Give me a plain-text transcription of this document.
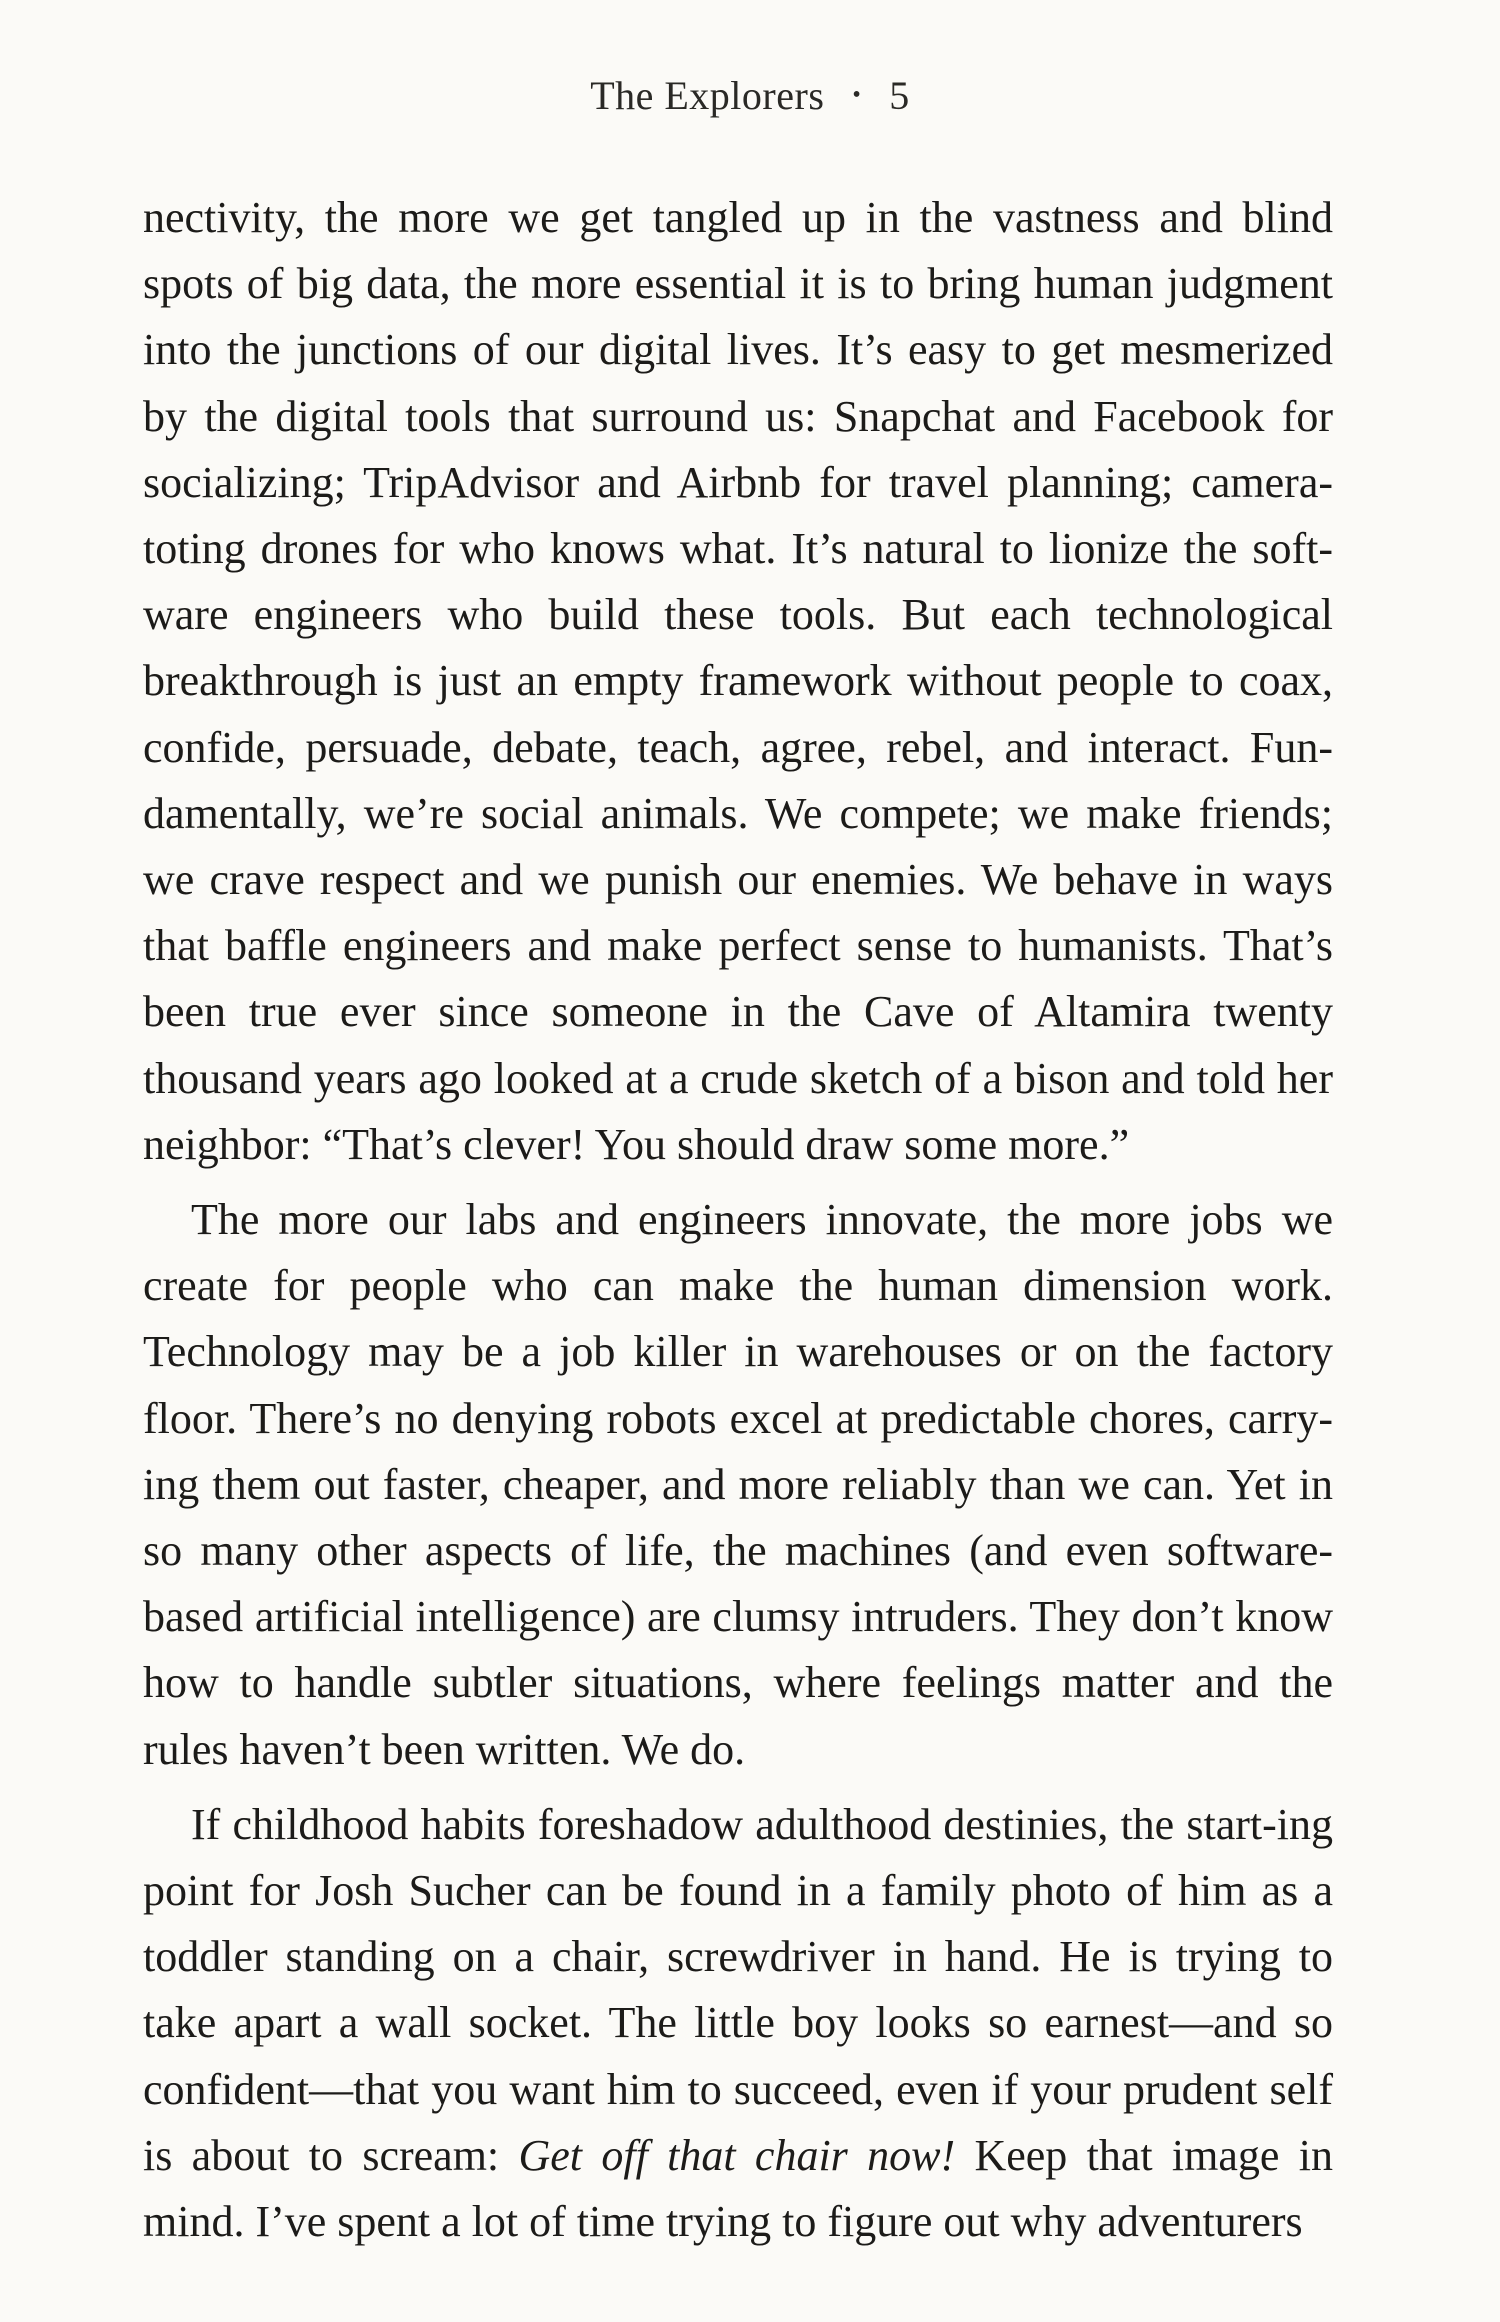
The Explorers • 5

nectivity, the more we get tangled up in the vastness and blind spots of big data, the more essential it is to bring human judgment into the junctions of our digital lives. It’s easy to get mesmerized by the digital tools that surround us: Snapchat and Facebook for socializing; TripAdvisor and Airbnb for travel planning; camera-toting drones for who knows what. It’s natural to lionize the soft-ware engineers who build these tools. But each technological breakthrough is just an empty framework without people to coax, confide, persuade, debate, teach, agree, rebel, and interact. Fun-damentally, we’re social animals. We compete; we make friends; we crave respect and we punish our enemies. We behave in ways that baffle engineers and make perfect sense to humanists. That’s been true ever since someone in the Cave of Altamira twenty thousand years ago looked at a crude sketch of a bison and told her neighbor: “That’s clever! You should draw some more.”

The more our labs and engineers innovate, the more jobs we create for people who can make the human dimension work. Technology may be a job killer in warehouses or on the factory floor. There’s no denying robots excel at predictable chores, carry-ing them out faster, cheaper, and more reliably than we can. Yet in so many other aspects of life, the machines (and even software-based artificial intelligence) are clumsy intruders. They don’t know how to handle subtler situations, where feelings matter and the rules haven’t been written. We do.

If childhood habits foreshadow adulthood destinies, the start-ing point for Josh Sucher can be found in a family photo of him as a toddler standing on a chair, screwdriver in hand. He is trying to take apart a wall socket. The little boy looks so earnest—and so confident—that you want him to succeed, even if your prudent self is about to scream: Get off that chair now! Keep that image in mind. I’ve spent a lot of time trying to figure out why adventurers
